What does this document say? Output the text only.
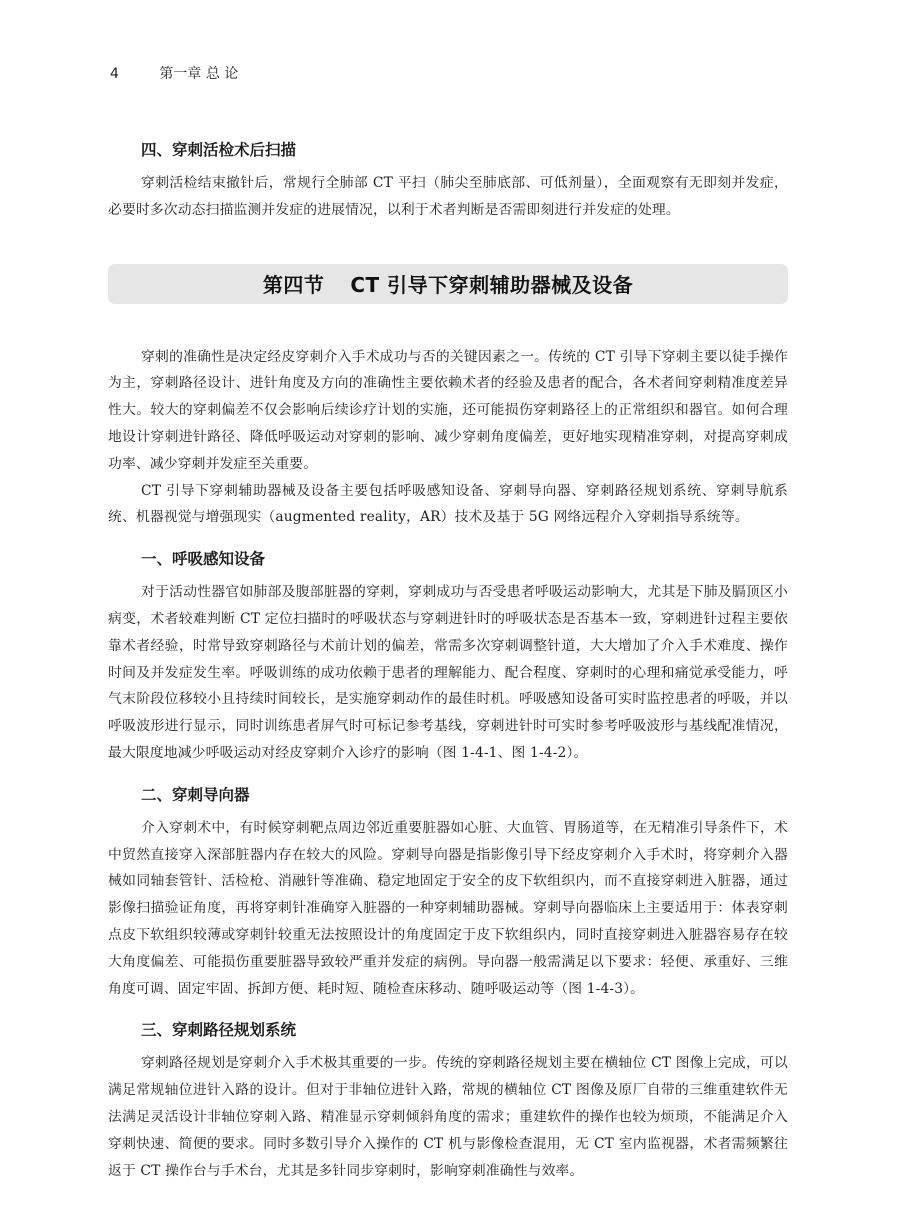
4	第一章 总 论
四、穿刺活检术后扫描

穿刺活检结束撤针后，常规行全肺部 CT 平扫（肺尖至肺底部、可低剂量），全面观察有无即刻并发症，必要时多次动态扫描监测并发症的进展情况，以利于术者判断是否需即刻进行并发症的处理。

第四节 CT 引导下穿刺辅助器械及设备

穿刺的准确性是决定经皮穿刺介入手术成功与否的关键因素之一。传统的 CT 引导下穿刺主要以徒手操作为主，穿刺路径设计、进针角度及方向的准确性主要依赖术者的经验及患者的配合，各术者间穿刺精准度差异性大。较大的穿刺偏差不仅会影响后续诊疗计划的实施，还可能损伤穿刺路径上的正常组织和器官。如何合理地设计穿刺进针路径、降低呼吸运动对穿刺的影响、减少穿刺角度偏差，更好地实现精准穿刺，对提高穿刺成功率、减少穿刺并发症至关重要。

CT 引导下穿刺辅助器械及设备主要包括呼吸感知设备、穿刺导向器、穿刺路径规划系统、穿刺导航系统、机器视觉与增强现实（augmented reality，AR）技术及基于 5G 网络远程介入穿刺指导系统等。

一、呼吸感知设备

对于活动性器官如肺部及腹部脏器的穿刺，穿刺成功与否受患者呼吸运动影响大，尤其是下肺及膈顶区小病变，术者较难判断 CT 定位扫描时的呼吸状态与穿刺进针时的呼吸状态是否基本一致，穿刺进针过程主要依靠术者经验，时常导致穿刺路径与术前计划的偏差，常需多次穿刺调整针道，大大增加了介入手术难度、操作时间及并发症发生率。呼吸训练的成功依赖于患者的理解能力、配合程度、穿刺时的心理和痛觉承受能力，呼气末阶段位移较小且持续时间较长，是实施穿刺动作的最佳时机。呼吸感知设备可实时监控患者的呼吸，并以呼吸波形进行显示，同时训练患者屏气时可标记参考基线，穿刺进针时可实时参考呼吸波形与基线配准情况，最大限度地减少呼吸运动对经皮穿刺介入诊疗的影响（图 1-4-1、图 1-4-2）。

二、穿刺导向器

介入穿刺术中，有时候穿刺靶点周边邻近重要脏器如心脏、大血管、胃肠道等，在无精准引导条件下，术中贸然直接穿入深部脏器内存在较大的风险。穿刺导向器是指影像引导下经皮穿刺介入手术时，将穿刺介入器械如同轴套管针、活检枪、消融针等准确、稳定地固定于安全的皮下软组织内，而不直接穿刺进入脏器，通过影像扫描验证角度，再将穿刺针准确穿入脏器的一种穿刺辅助器械。穿刺导向器临床上主要适用于：体表穿刺点皮下软组织较薄或穿刺针较重无法按照设计的角度固定于皮下软组织内，同时直接穿刺进入脏器容易存在较大角度偏差、可能损伤重要脏器导致较严重并发症的病例。导向器一般需满足以下要求：轻便、承重好、三维角度可调、固定牢固、拆卸方便、耗时短、随检查床移动、随呼吸运动等（图 1-4-3）。

三、穿刺路径规划系统

穿刺路径规划是穿刺介入手术极其重要的一步。传统的穿刺路径规划主要在横轴位 CT 图像上完成，可以满足常规轴位进针入路的设计。但对于非轴位进针入路，常规的横轴位 CT 图像及原厂自带的三维重建软件无法满足灵活设计非轴位穿刺入路、精准显示穿刺倾斜角度的需求；重建软件的操作也较为烦琐，不能满足介入穿刺快速、简便的要求。同时多数引导介入操作的 CT 机与影像检查混用，无 CT 室内监视器，术者需频繁往返于 CT 操作台与手术台，尤其是多针同步穿刺时，影响穿刺准确性与效率。
